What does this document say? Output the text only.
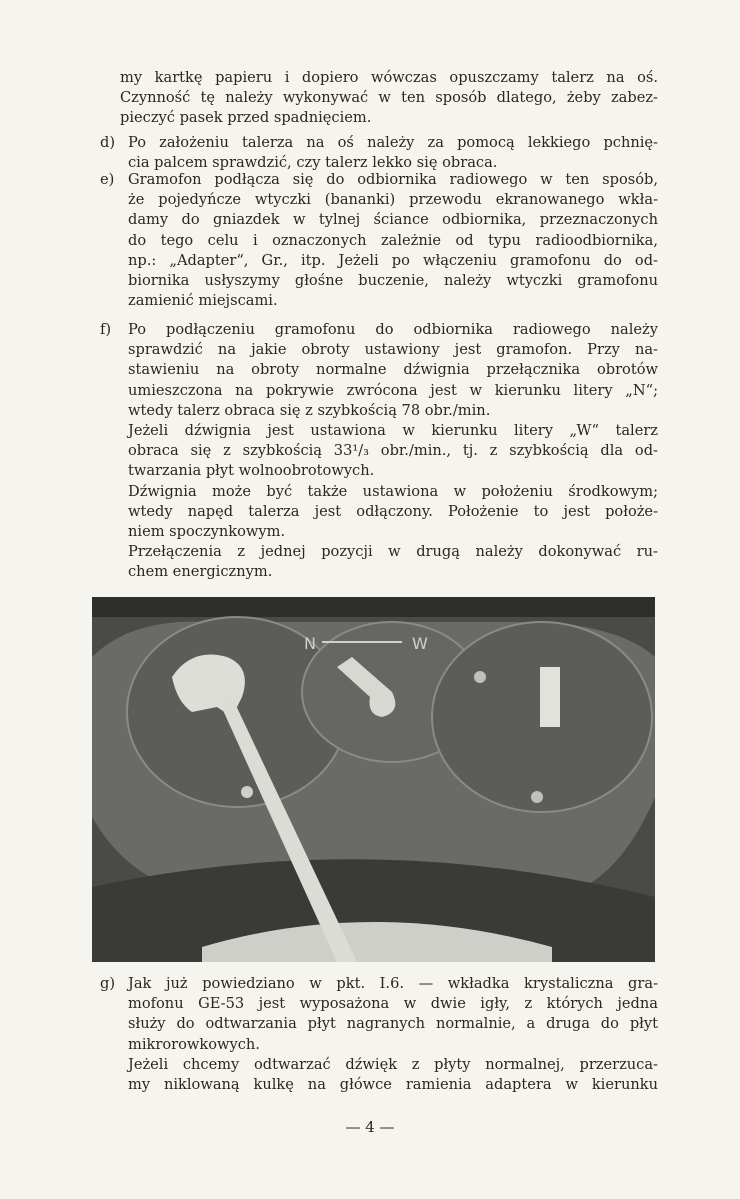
my kartkę papieru i dopiero wówczas opuszczamy talerz na oś.
Czynność tę należy wykonywać w ten sposób dlatego, żeby zabez-
pieczyć pasek przed spadnięciem.
d) Po założeniu talerza na oś należy za pomocą lekkiego pchnię-
cia palcem sprawdzić, czy talerz lekko się obraca.
e) Gramofon podłącza się do odbiornika radiowego w ten sposób,
że pojedyńcze wtyczki (bananki) przewodu ekranowanego wkła-
damy do gniazdek w tylnej ściance odbiornika, przeznaczonych
do tego celu i oznaczonych zależnie od typu radioodbiornika,
np.: „Adapter“, Gr., itp. Jeżeli po włączeniu gramofonu do od-
biornika usłyszymy głośne buczenie, należy wtyczki gramofonu
zamienić miejscami.
f) Po podłączeniu gramofonu do odbiornika radiowego należy
sprawdzić na jakie obroty ustawiony jest gramofon. Przy na-
stawieniu na obroty normalne dźwignia przełącznika obrotów
umieszczona na pokrywie zwrócona jest w kierunku litery „N“;
wtedy talerz obraca się z szybkością 78 obr./min.
Jeżeli dźwignia jest ustawiona w kierunku litery „W“ talerz
obraca się z szybkością 33¹/₃ obr./min., tj. z szybkością dla od-
twarzania płyt wolnoobrotowych.
Dźwignia może być także ustawiona w położeniu środkowym;
wtedy napęd talerza jest odłączony. Położenie to jest położe-
niem spoczynkowym.
Przełączenia z jednej pozycji w drugą należy dokonywać ru-
chem energicznym.
N	W
g) Jak już powiedziano w pkt. I.6. — wkładka krystaliczna gra-
mofonu GE-53 jest wyposażona w dwie igły, z których jedna
służy do odtwarzania płyt nagranych normalnie, a druga do płyt
mikrorowkowych.
Jeżeli chcemy odtwarzać dźwięk z płyty normalnej, przerzuca-
my niklowaną kulkę na główce ramienia adaptera w kierunku
— 4 —
